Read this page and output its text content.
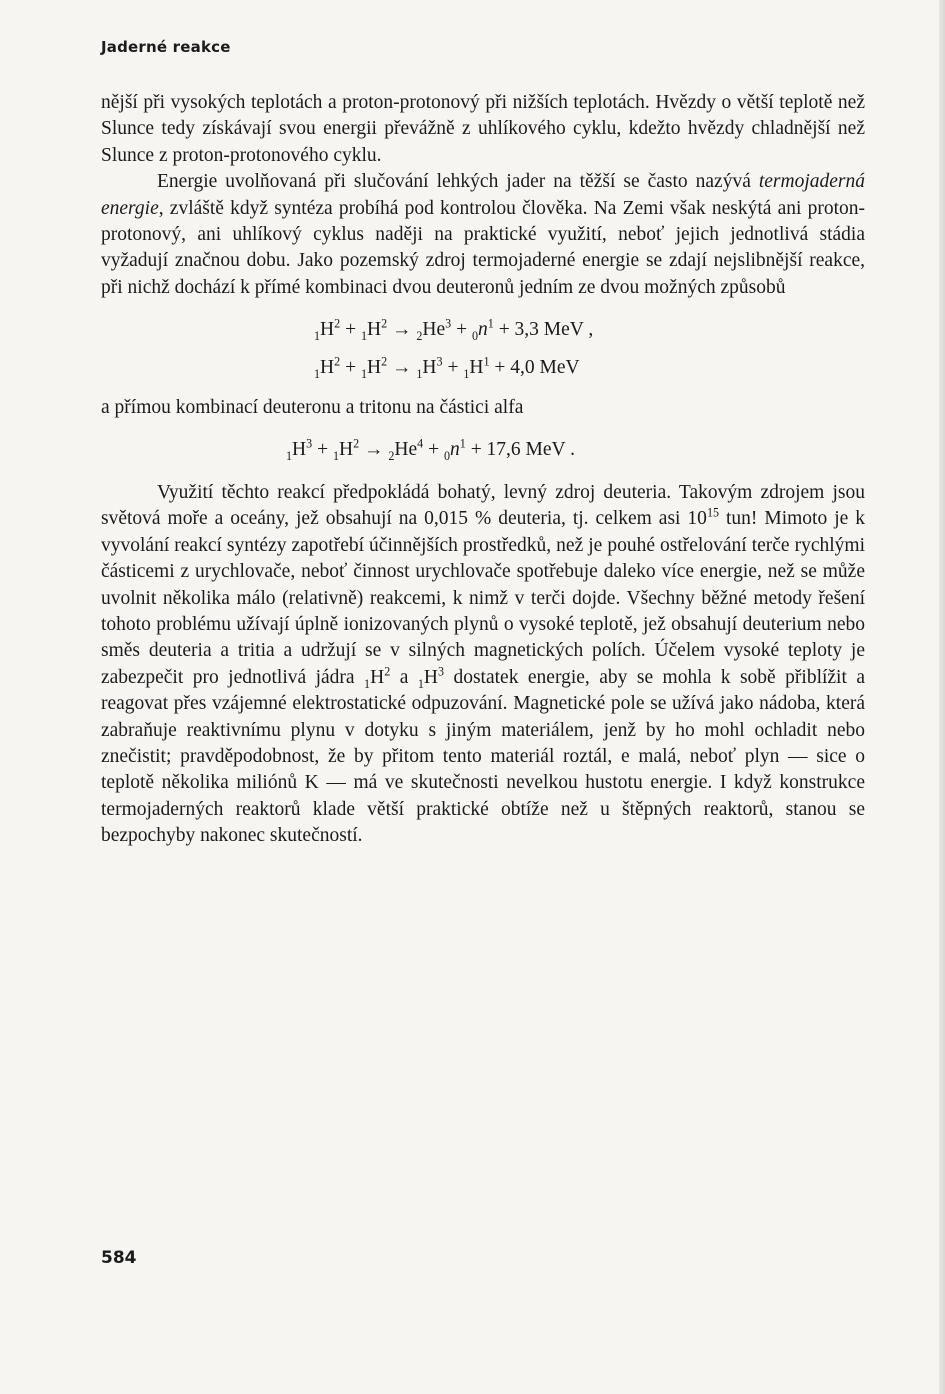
Jaderné reakce

nější při vysokých teplotách a proton-protonový při nižších teplotách. Hvězdy o větší teplotě než Slunce tedy získávají svou energii převážně z uhlíkového cyklu, kdežto hvězdy chladnější než Slunce z proton-protonového cyklu.

Energie uvolňovaná při slučování lehkých jader na těžší se často nazývá termojaderná energie, zvláště když syntéza probíhá pod kontrolou člověka. Na Zemi však neskýtá ani proton-protonový, ani uhlíkový cyklus naději na praktické využití, neboť jejich jednotlivá stádia vyžadují značnou dobu. Jako pozemský zdroj termojaderné energie se zdají nejslibnější reakce, při nichž dochází k přímé kombinaci dvou deuteronů jedním ze dvou možných způsobů

$_1H^2 + _1H^2 \to _2He^3 + _0n^1 + 3,3$ MeV ,
$_1H^2 + _1H^2 \to _1H^3 + _1H^1 + 4,0$ MeV

a přímou kombinací deuteronu a tritonu na částici alfa

$_1H^3 + _1H^2 \to _2He^4 + _0n^1 + 17,6$ MeV .

Využití těchto reakcí předpokládá bohatý, levný zdroj deuteria. Takovým zdrojem jsou světová moře a oceány, jež obsahují na 0,015 % deuteria, tj. celkem asi $10^{15}$ tun! Mimoto je k vyvolání reakcí syntézy zapotřebí účinnějších prostředků, než je pouhé ostřelování terče rychlými částicemi z urychlovače, neboť činnost urychlovače spotřebuje daleko více energie, než se může uvolnit několika málo (relativně) reakcemi, k nimž v terči dojde. Všechny běžné metody řešení tohoto problému užívají úplně ionizovaných plynů o vysoké teplotě, jež obsahují deuterium nebo směs deuteria a tritia a udržují se v silných magnetických polích. Účelem vysoké teploty je zabezpečit pro jednotlivá jádra $_1H^2$ a $_1H^3$ dostatek energie, aby se mohla k sobě přiblížit a reagovat přes vzájemné elektrostatické odpuzování. Magnetické pole se užívá jako nádoba, která zabraňuje reaktivnímu plynu v dotyku s jiným materiálem, jenž by ho mohl ochladit nebo znečistit; pravděpodobnost, že by přitom tento materiál roztál, e malá, neboť plyn — sice o teplotě několika miliónů K — má ve skutečnosti nevelkou hustotu energie. I když konstrukce termojaderných reaktorů klade větší praktické obtíže než u štěpných reaktorů, stanou se bezpochyby nakonec skutečností.

584
